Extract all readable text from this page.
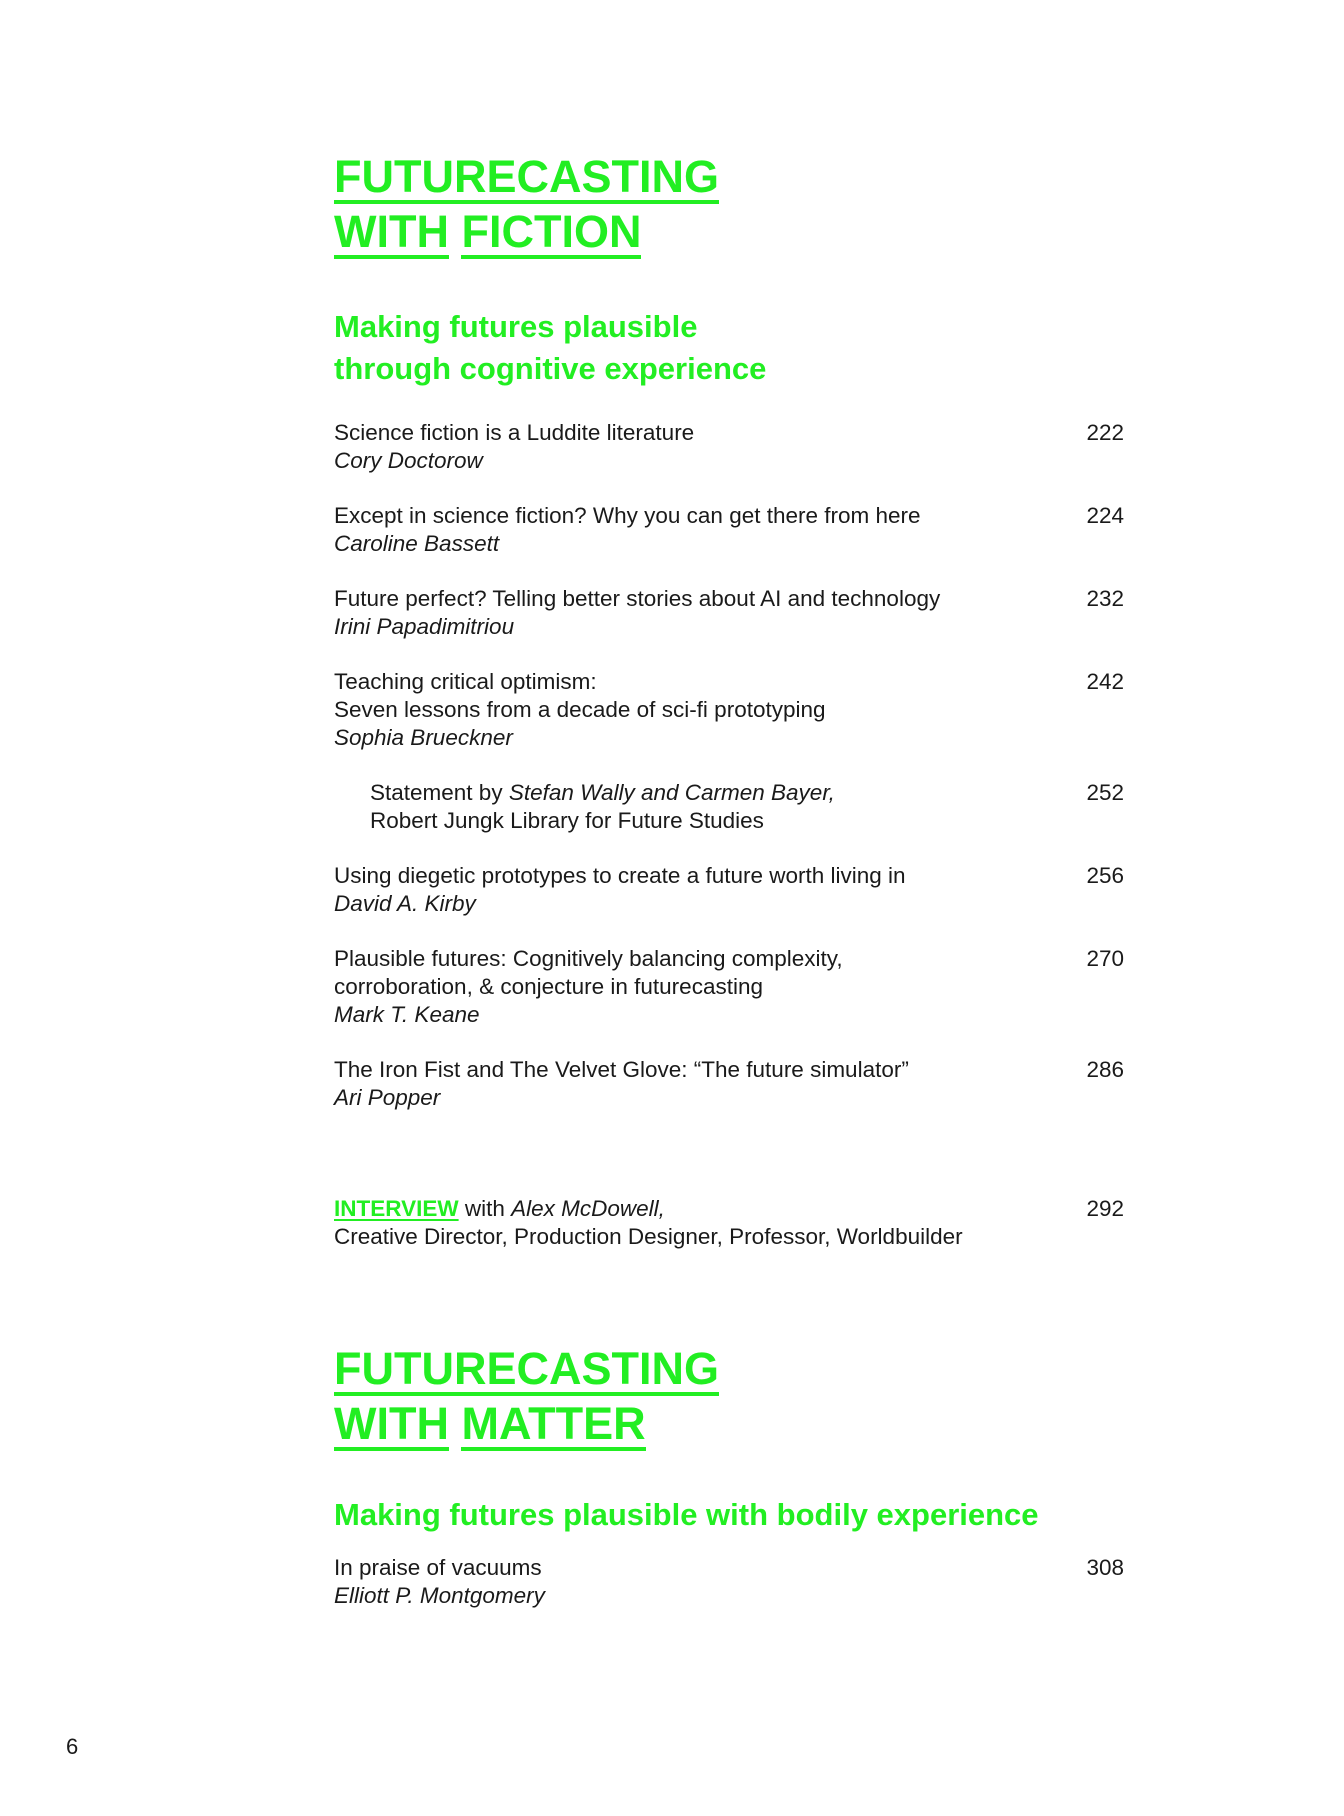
FUTURECASTING
WITH FICTION

Making futures plausible
through cognitive experience

Science fiction is a Luddite literature
Cory Doctorow
222
Except in science fiction? Why you can get there from here
Caroline Bassett
224
Future perfect? Telling better stories about AI and technology
Irini Papadimitriou
232
Teaching critical optimism:
Seven lessons from a decade of sci-fi prototyping
Sophia Brueckner
242
Statement by Stefan Wally and Carmen Bayer,
Robert Jungk Library for Future Studies
252
Using diegetic prototypes to create a future worth living in
David A. Kirby
256
Plausible futures: Cognitively balancing complexity,
corroboration, & conjecture in futurecasting
Mark T. Keane
270
The Iron Fist and The Velvet Glove: “The future simulator”
Ari Popper
286
INTERVIEW with Alex McDowell,
Creative Director, Production Designer, Professor, Worldbuilder
292
FUTURECASTING
WITH MATTER

Making futures plausible with bodily experience

In praise of vacuums
Elliott P. Montgomery
308
6
